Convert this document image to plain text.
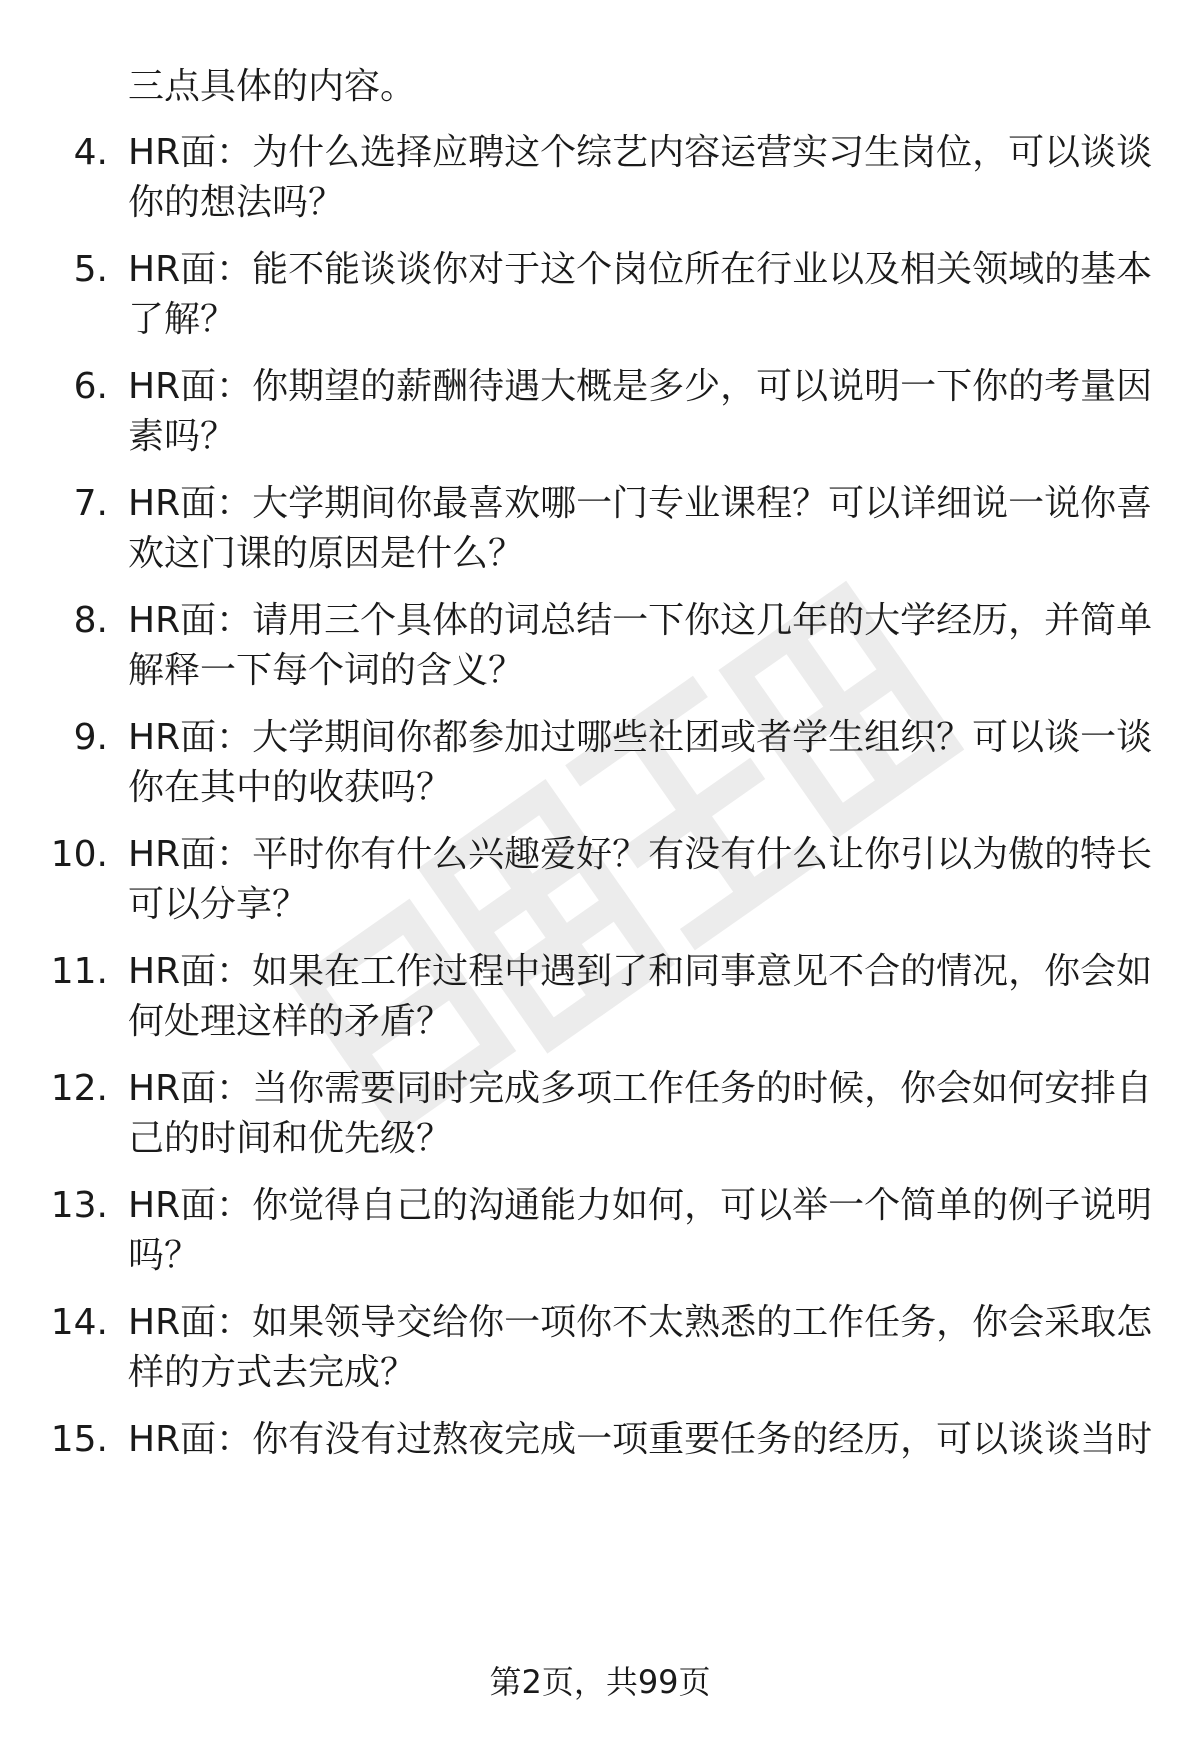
三点具体的内容。
4. HR面：为什么选择应聘这个综艺内容运营实习生岗位，可以谈谈
你的想法吗？
5. HR面：能不能谈谈你对于这个岗位所在行业以及相关领域的基本
了解？
6. HR面：你期望的薪酬待遇大概是多少，可以说明一下你的考量因
素吗？
7. HR面：大学期间你最喜欢哪一门专业课程？可以详细说一说你喜
欢这门课的原因是什么？
8. HR面：请用三个具体的词总结一下你这几年的大学经历，并简单
解释一下每个词的含义？
9. HR面：大学期间你都参加过哪些社团或者学生组织？可以谈一谈
你在其中的收获吗？
10. HR面：平时你有什么兴趣爱好？有没有什么让你引以为傲的特长
可以分享？
11. HR面：如果在工作过程中遇到了和同事意见不合的情况，你会如
何处理这样的矛盾？
12. HR面：当你需要同时完成多项工作任务的时候，你会如何安排自
己的时间和优先级？
13. HR面：你觉得自己的沟通能力如何，可以举一个简单的例子说明
吗？
14. HR面：如果领导交给你一项你不太熟悉的工作任务，你会采取怎
样的方式去完成？
15. HR面：你有没有过熬夜完成一项重要任务的经历，可以谈谈当时
第2页，共99页
